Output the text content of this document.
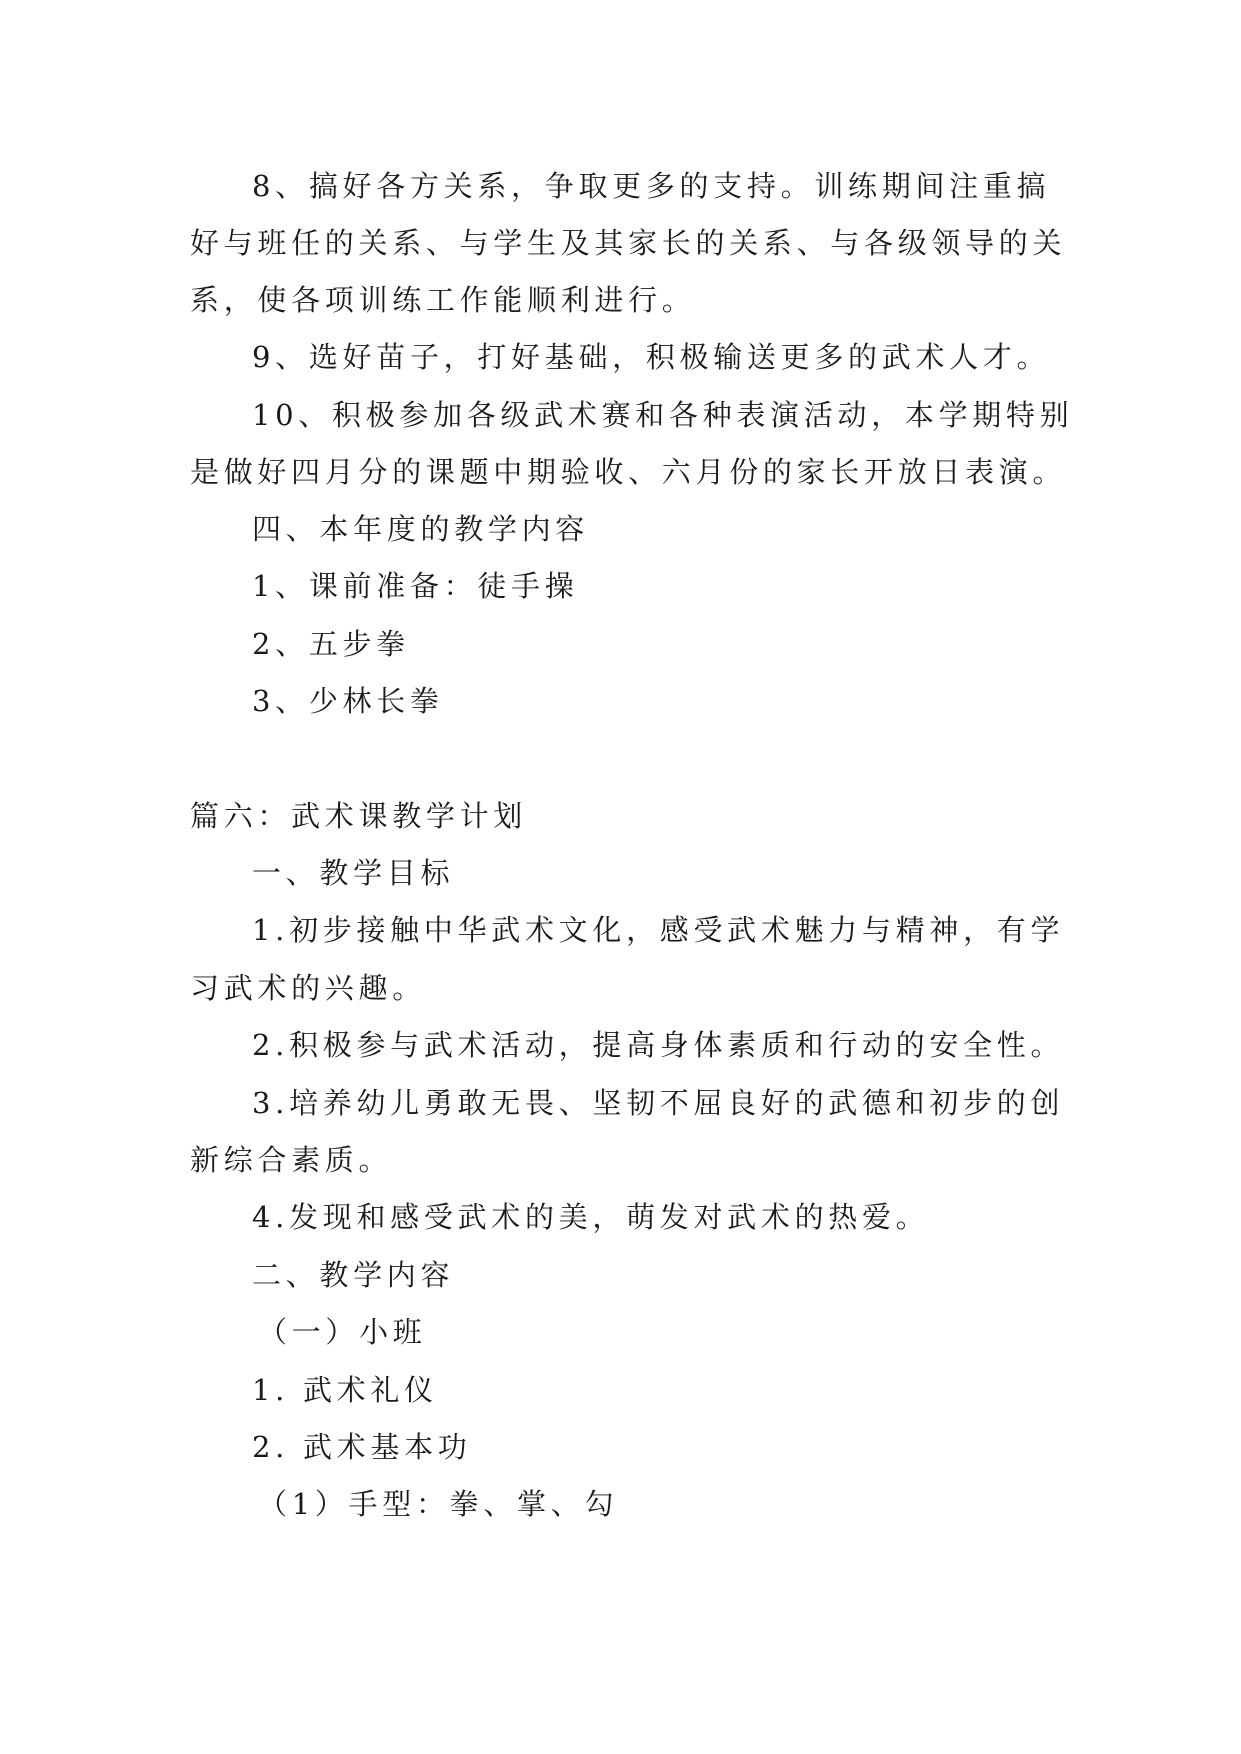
8、搞好各方关系，争取更多的支持。训练期间注重搞
好与班任的关系、与学生及其家长的关系、与各级领导的关
系，使各项训练工作能顺利进行。
9、选好苗子，打好基础，积极输送更多的武术人才。
10、积极参加各级武术赛和各种表演活动，本学期特别
是做好四月分的课题中期验收、六月份的家长开放日表演。
四、本年度的教学内容
1、课前准备：徒手操
2、五步拳
3、少林长拳
篇六：武术课教学计划
一、教学目标
1.初步接触中华武术文化，感受武术魅力与精神，有学
习武术的兴趣。
2.积极参与武术活动，提高身体素质和行动的安全性。
3.培养幼儿勇敢无畏、坚韧不屈良好的武德和初步的创
新综合素质。
4.发现和感受武术的美，萌发对武术的热爱。
二、教学内容
（一）小班
1. 武术礼仪
2. 武术基本功
（1）手型：拳、掌、勾
